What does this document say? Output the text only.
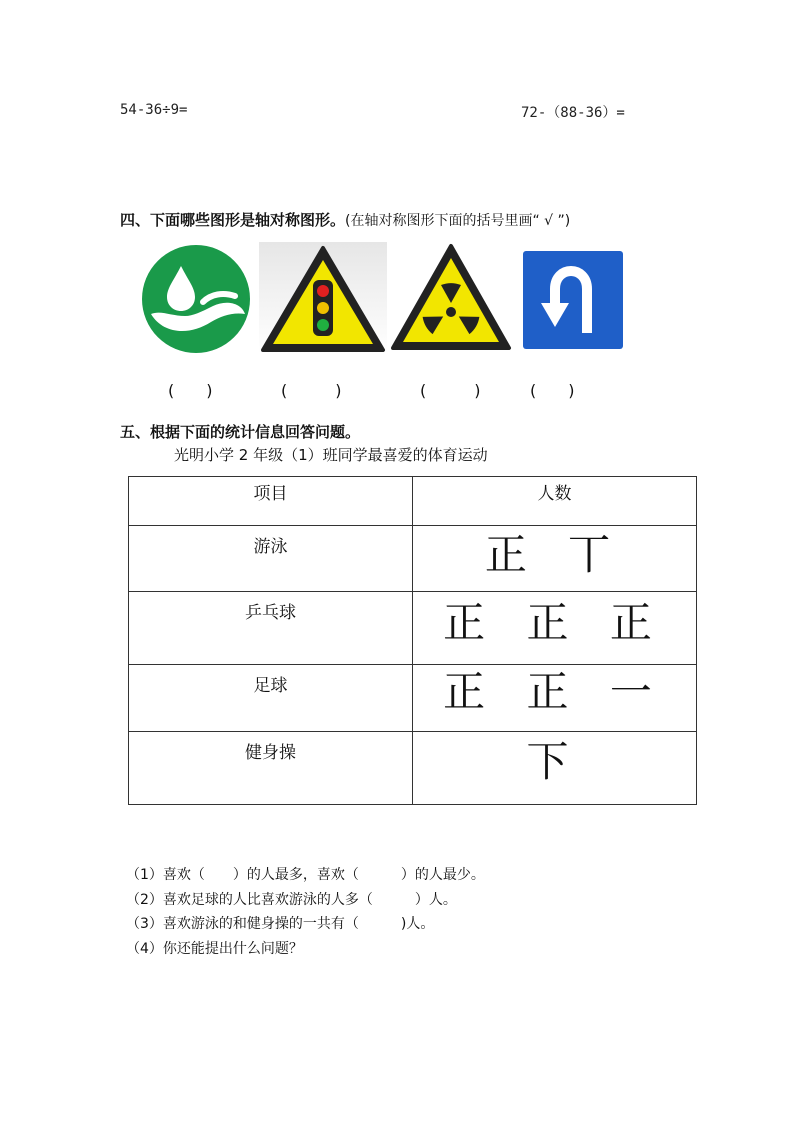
54-36÷9=	72-（88-36）=
四、下面哪些图形是轴对称图形。(在轴对称图形下面的括号里画“ √ ”)
(　　)	(　　　)	(　　　)	(　　)
五、根据下面的统计信息回答问题。
光明小学 2 年级（1）班同学最喜爱的体育运动
项目	人数
游泳	正 丅
乒乓球	正 正 正
足球	正 正 一
健身操	下
（1）喜欢（　　）的人最多，喜欢（　　　）的人最少。
（2）喜欢足球的人比喜欢游泳的人多（　　　）人。
（3）喜欢游泳的和健身操的一共有（　　　)人。
（4）你还能提出什么问题？
